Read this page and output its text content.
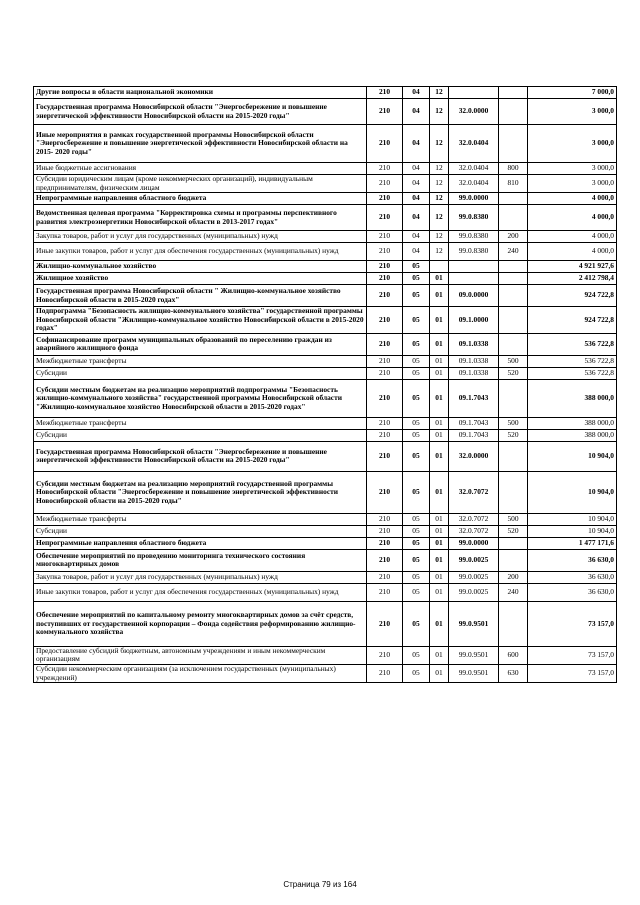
Другие вопросы в области национальной экономики	210	04	12			7 000,0
Государственная программа Новосибирской области "Энергосбережение и повышение энергетической эффективности Новосибирской области на 2015-2020 годы"	210	04	12	32.0.0000		3 000,0
Иные мероприятия в рамках государственной программы Новосибирской области "Энергосбережение и повышение энергетической эффективности Новосибирской области на 2015- 2020 годы"	210	04	12	32.0.0404		3 000,0
Иные бюджетные ассигнования	210	04	12	32.0.0404	800	3 000,0
Субсидии юридическим лицам (кроме некоммерческих организаций), индивидуальным предпринимателям, физическим лицам	210	04	12	32.0.0404	810	3 000,0
Непрограммные направления областного бюджета	210	04	12	99.0.0000		4 000,0
Ведомственная целевая программа "Корректировка схемы и программы перспективного развития электроэнергетики Новосибирской области в 2013-2017 годах"	210	04	12	99.0.8380		4 000,0
Закупка товаров, работ и услуг для государственных (муниципальных) нужд	210	04	12	99.0.8380	200	4 000,0
Иные закупки товаров, работ и услуг для обеспечения государственных (муниципальных) нужд	210	04	12	99.0.8380	240	4 000,0
Жилищно-коммунальное хозяйство	210	05				4 921 927,6
Жилищное хозяйство	210	05	01			2 412 798,4
Государственная программа Новосибирской области " Жилищно-коммунальное хозяйство Новосибирской области в 2015-2020 годах"	210	05	01	09.0.0000		924 722,8
Подпрограмма "Безопасность жилищно-коммунального хозяйства" государственной программы Новосибирской области "Жилищно-коммунальное хозяйство Новосибирской области в 2015-2020 годах"	210	05	01	09.1.0000		924 722,8
Софинансирование программ муниципальных образований по переселению граждан из аварийного жилищного фонда	210	05	01	09.1.0338		536 722,8
Межбюджетные трансферты	210	05	01	09.1.0338	500	536 722,8
Субсидии	210	05	01	09.1.0338	520	536 722,8
Субсидии местным бюджетам на реализацию мероприятий подпрограммы "Безопасность жилищно-коммунального хозяйства" государственной программы Новосибирской области "Жилищно-коммунальное хозяйство Новосибирской области в 2015-2020 годах"	210	05	01	09.1.7043		388 000,0
Межбюджетные трансферты	210	05	01	09.1.7043	500	388 000,0
Субсидии	210	05	01	09.1.7043	520	388 000,0
Государственная программа Новосибирской области "Энергосбережение и повышение энергетической эффективности Новосибирской области на 2015-2020 годы"	210	05	01	32.0.0000		10 904,0
Субсидии местным бюджетам на реализацию мероприятий государственной программы Новосибирской области "Энергосбережение и повышение энергетической эффективности Новосибирской области на 2015-2020 годы"	210	05	01	32.0.7072		10 904,0
Межбюджетные трансферты	210	05	01	32.0.7072	500	10 904,0
Субсидии	210	05	01	32.0.7072	520	10 904,0
Непрограммные направления областного бюджета	210	05	01	99.0.0000		1 477 171,6
Обеспечение мероприятий по проведению мониторинга технического состояния многоквартирных домов	210	05	01	99.0.0025		36 630,0
Закупка товаров, работ и услуг для государственных (муниципальных) нужд	210	05	01	99.0.0025	200	36 630,0
Иные закупки товаров, работ и услуг для обеспечения государственных (муниципальных) нужд	210	05	01	99.0.0025	240	36 630,0
Обеспечение мероприятий по капитальному ремонту многоквартирных домов за счёт средств, поступивших от государственной корпорации – Фонда содействия реформированию жилищно-коммунального хозяйства	210	05	01	99.0.9501		73 157,0
Предоставление субсидий бюджетным, автономным учреждениям и иным некоммерческим организациям	210	05	01	99.0.9501	600	73 157,0
Субсидии некоммерческим организациям (за исключением государственных (муниципальных) учреждений)	210	05	01	99.0.9501	630	73 157,0
Страница 79 из 164
